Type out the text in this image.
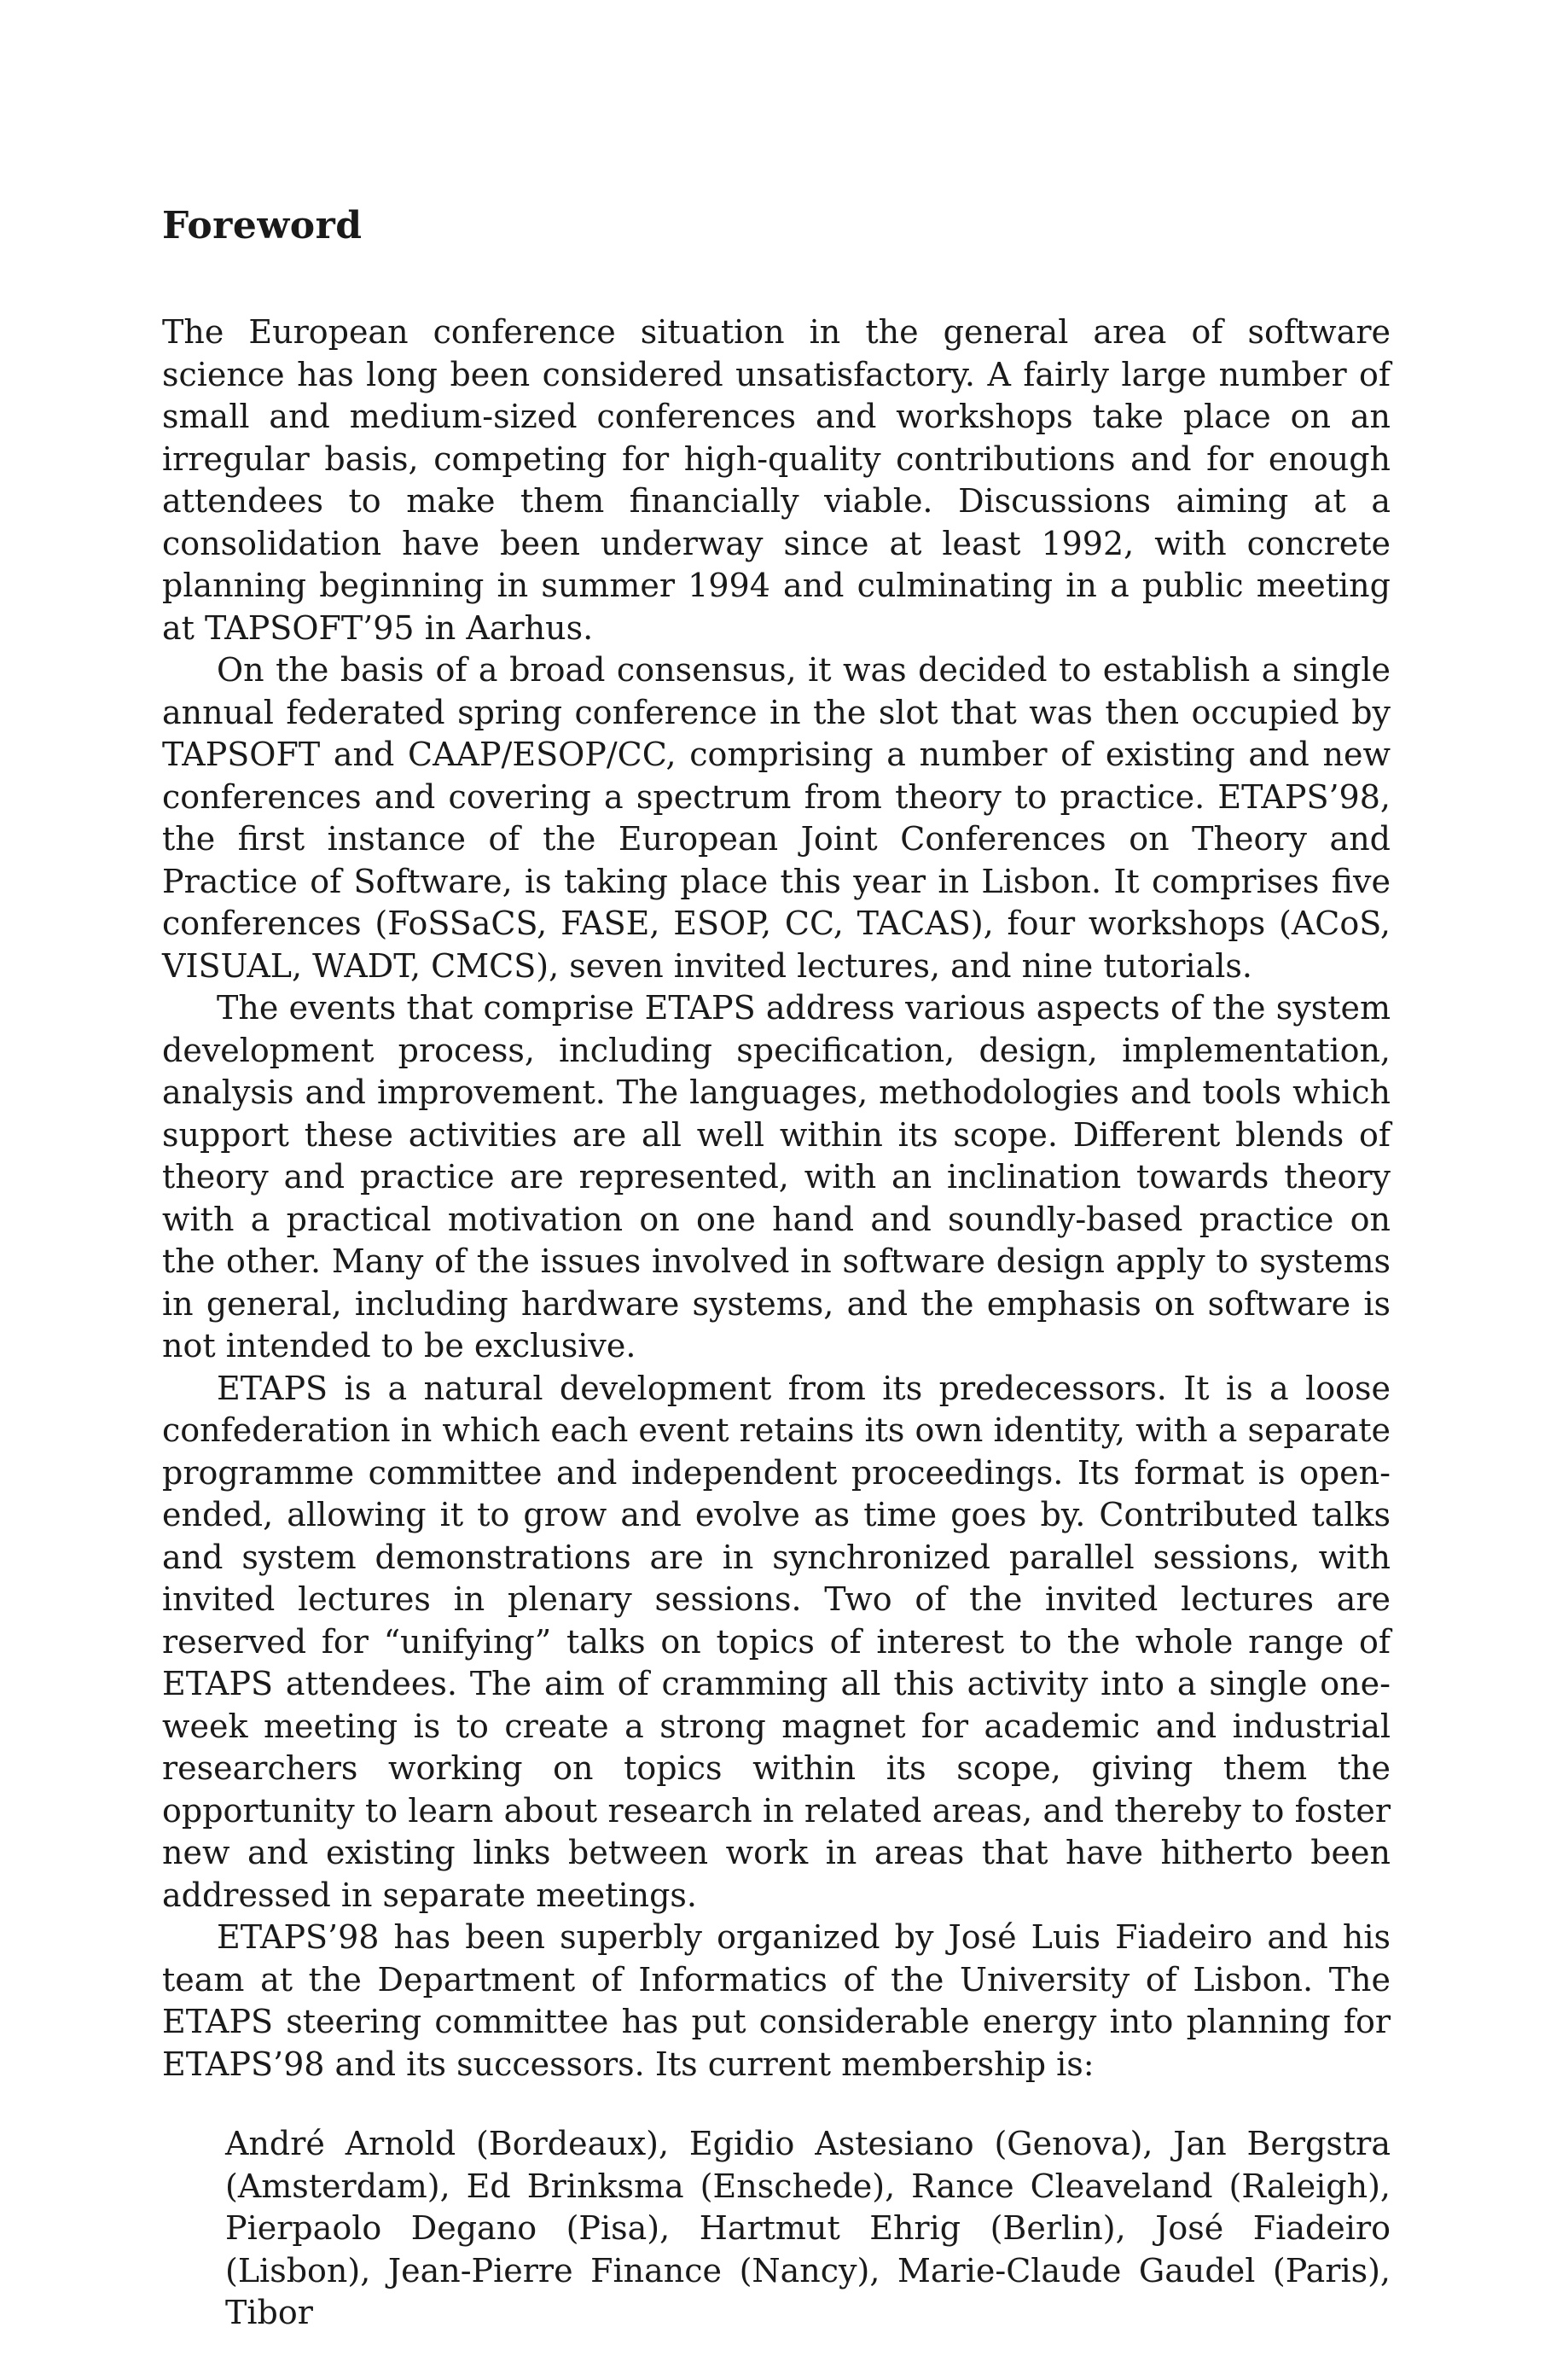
Foreword

The European conference situation in the general area of software science has long been considered unsatisfactory. A fairly large number of small and medium-sized conferences and workshops take place on an irregular basis, competing for high-quality contributions and for enough attendees to make them financially viable. Discussions aiming at a consolidation have been underway since at least 1992, with concrete planning beginning in summer 1994 and culminating in a public meeting at TAPSOFT’95 in Aarhus.

On the basis of a broad consensus, it was decided to establish a single annual federated spring conference in the slot that was then occupied by TAPSOFT and CAAP/ESOP/CC, comprising a number of existing and new conferences and covering a spectrum from theory to practice. ETAPS’98, the first instance of the European Joint Conferences on Theory and Practice of Software, is taking place this year in Lisbon. It comprises five conferences (FoSSaCS, FASE, ESOP, CC, TACAS), four workshops (ACoS, VISUAL, WADT, CMCS), seven invited lectures, and nine tutorials.

The events that comprise ETAPS address various aspects of the system development process, including specification, design, implementation, analysis and improvement. The languages, methodologies and tools which support these activities are all well within its scope. Different blends of theory and practice are represented, with an inclination towards theory with a practical motivation on one hand and soundly-based practice on the other. Many of the issues involved in software design apply to systems in general, including hardware systems, and the emphasis on software is not intended to be exclusive.

ETAPS is a natural development from its predecessors. It is a loose confederation in which each event retains its own identity, with a separate programme committee and independent proceedings. Its format is open-ended, allowing it to grow and evolve as time goes by. Contributed talks and system demonstrations are in synchronized parallel sessions, with invited lectures in plenary sessions. Two of the invited lectures are reserved for “unifying” talks on topics of interest to the whole range of ETAPS attendees. The aim of cramming all this activity into a single one-week meeting is to create a strong magnet for academic and industrial researchers working on topics within its scope, giving them the opportunity to learn about research in related areas, and thereby to foster new and existing links between work in areas that have hitherto been addressed in separate meetings.

ETAPS’98 has been superbly organized by José Luis Fiadeiro and his team at the Department of Informatics of the University of Lisbon. The ETAPS steering committee has put considerable energy into planning for ETAPS’98 and its successors. Its current membership is:

André Arnold (Bordeaux), Egidio Astesiano (Genova), Jan Bergstra (Amsterdam), Ed Brinksma (Enschede), Rance Cleaveland (Raleigh), Pierpaolo Degano (Pisa), Hartmut Ehrig (Berlin), José Fiadeiro (Lisbon), Jean-Pierre Finance (Nancy), Marie-Claude Gaudel (Paris), Tibor
